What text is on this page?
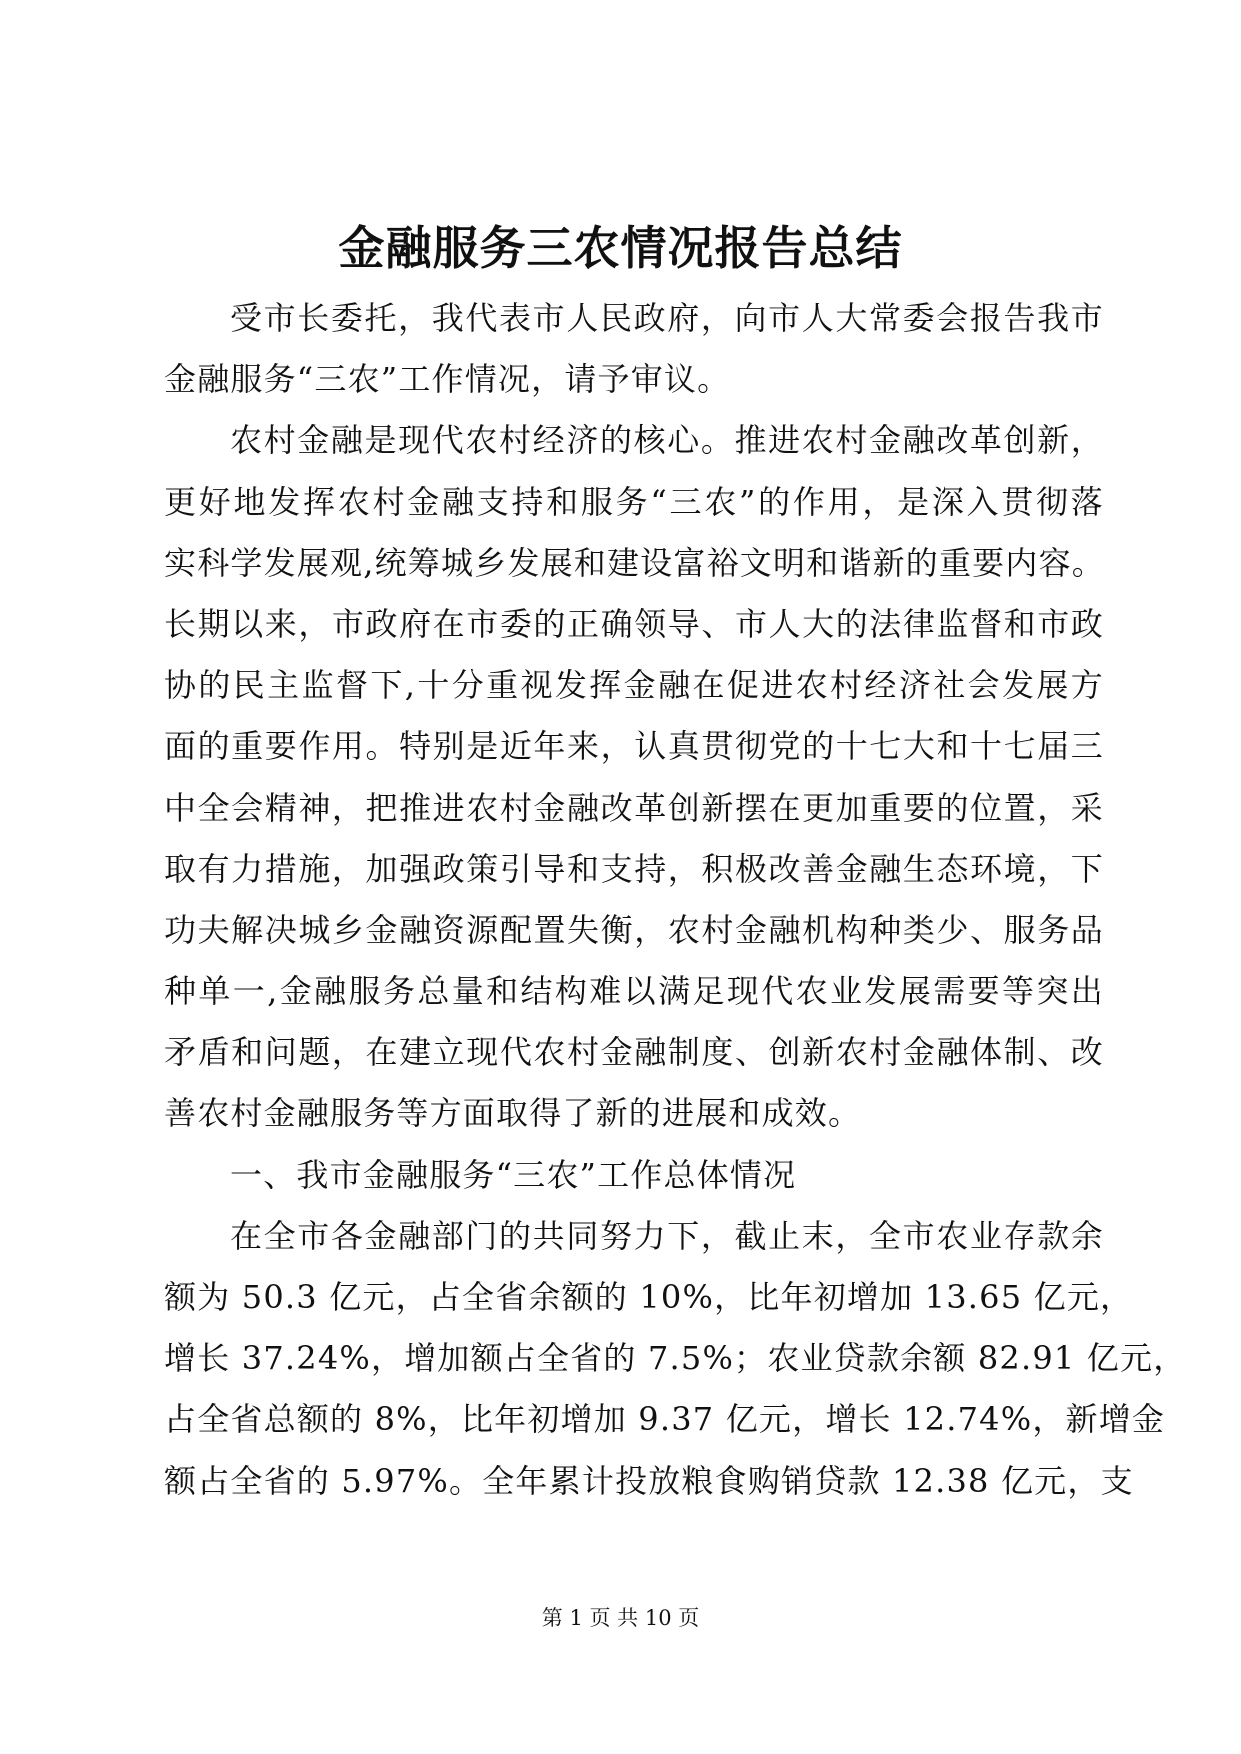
金融服务三农情况报告总结
受市长委托，我代表市人民政府，向市人大常委会报告我市
金融服务“三农”工作情况，请予审议。
农村金融是现代农村经济的核心。推进农村金融改革创新，
更好地发挥农村金融支持和服务“三农”的作用，是深入贯彻落
实科学发展观,统筹城乡发展和建设富裕文明和谐新的重要内容。
长期以来，市政府在市委的正确领导、市人大的法律监督和市政
协的民主监督下,十分重视发挥金融在促进农村经济社会发展方
面的重要作用。特别是近年来，认真贯彻党的十七大和十七届三
中全会精神，把推进农村金融改革创新摆在更加重要的位置，采
取有力措施，加强政策引导和支持，积极改善金融生态环境，下
功夫解决城乡金融资源配置失衡，农村金融机构种类少、服务品
种单一,金融服务总量和结构难以满足现代农业发展需要等突出
矛盾和问题，在建立现代农村金融制度、创新农村金融体制、改
善农村金融服务等方面取得了新的进展和成效。
一、我市金融服务“三农”工作总体情况
在全市各金融部门的共同努力下，截止末，全市农业存款余
额为 50.3 亿元，占全省余额的 10%，比年初增加 13.65 亿元，
增长 37.24%，增加额占全省的 7.5%；农业贷款余额 82.91 亿元，
占全省总额的 8%，比年初增加 9.37 亿元，增长 12.74%，新增金
额占全省的 5.97%。全年累计投放粮食购销贷款 12.38 亿元，支
第 1 页 共 10 页
